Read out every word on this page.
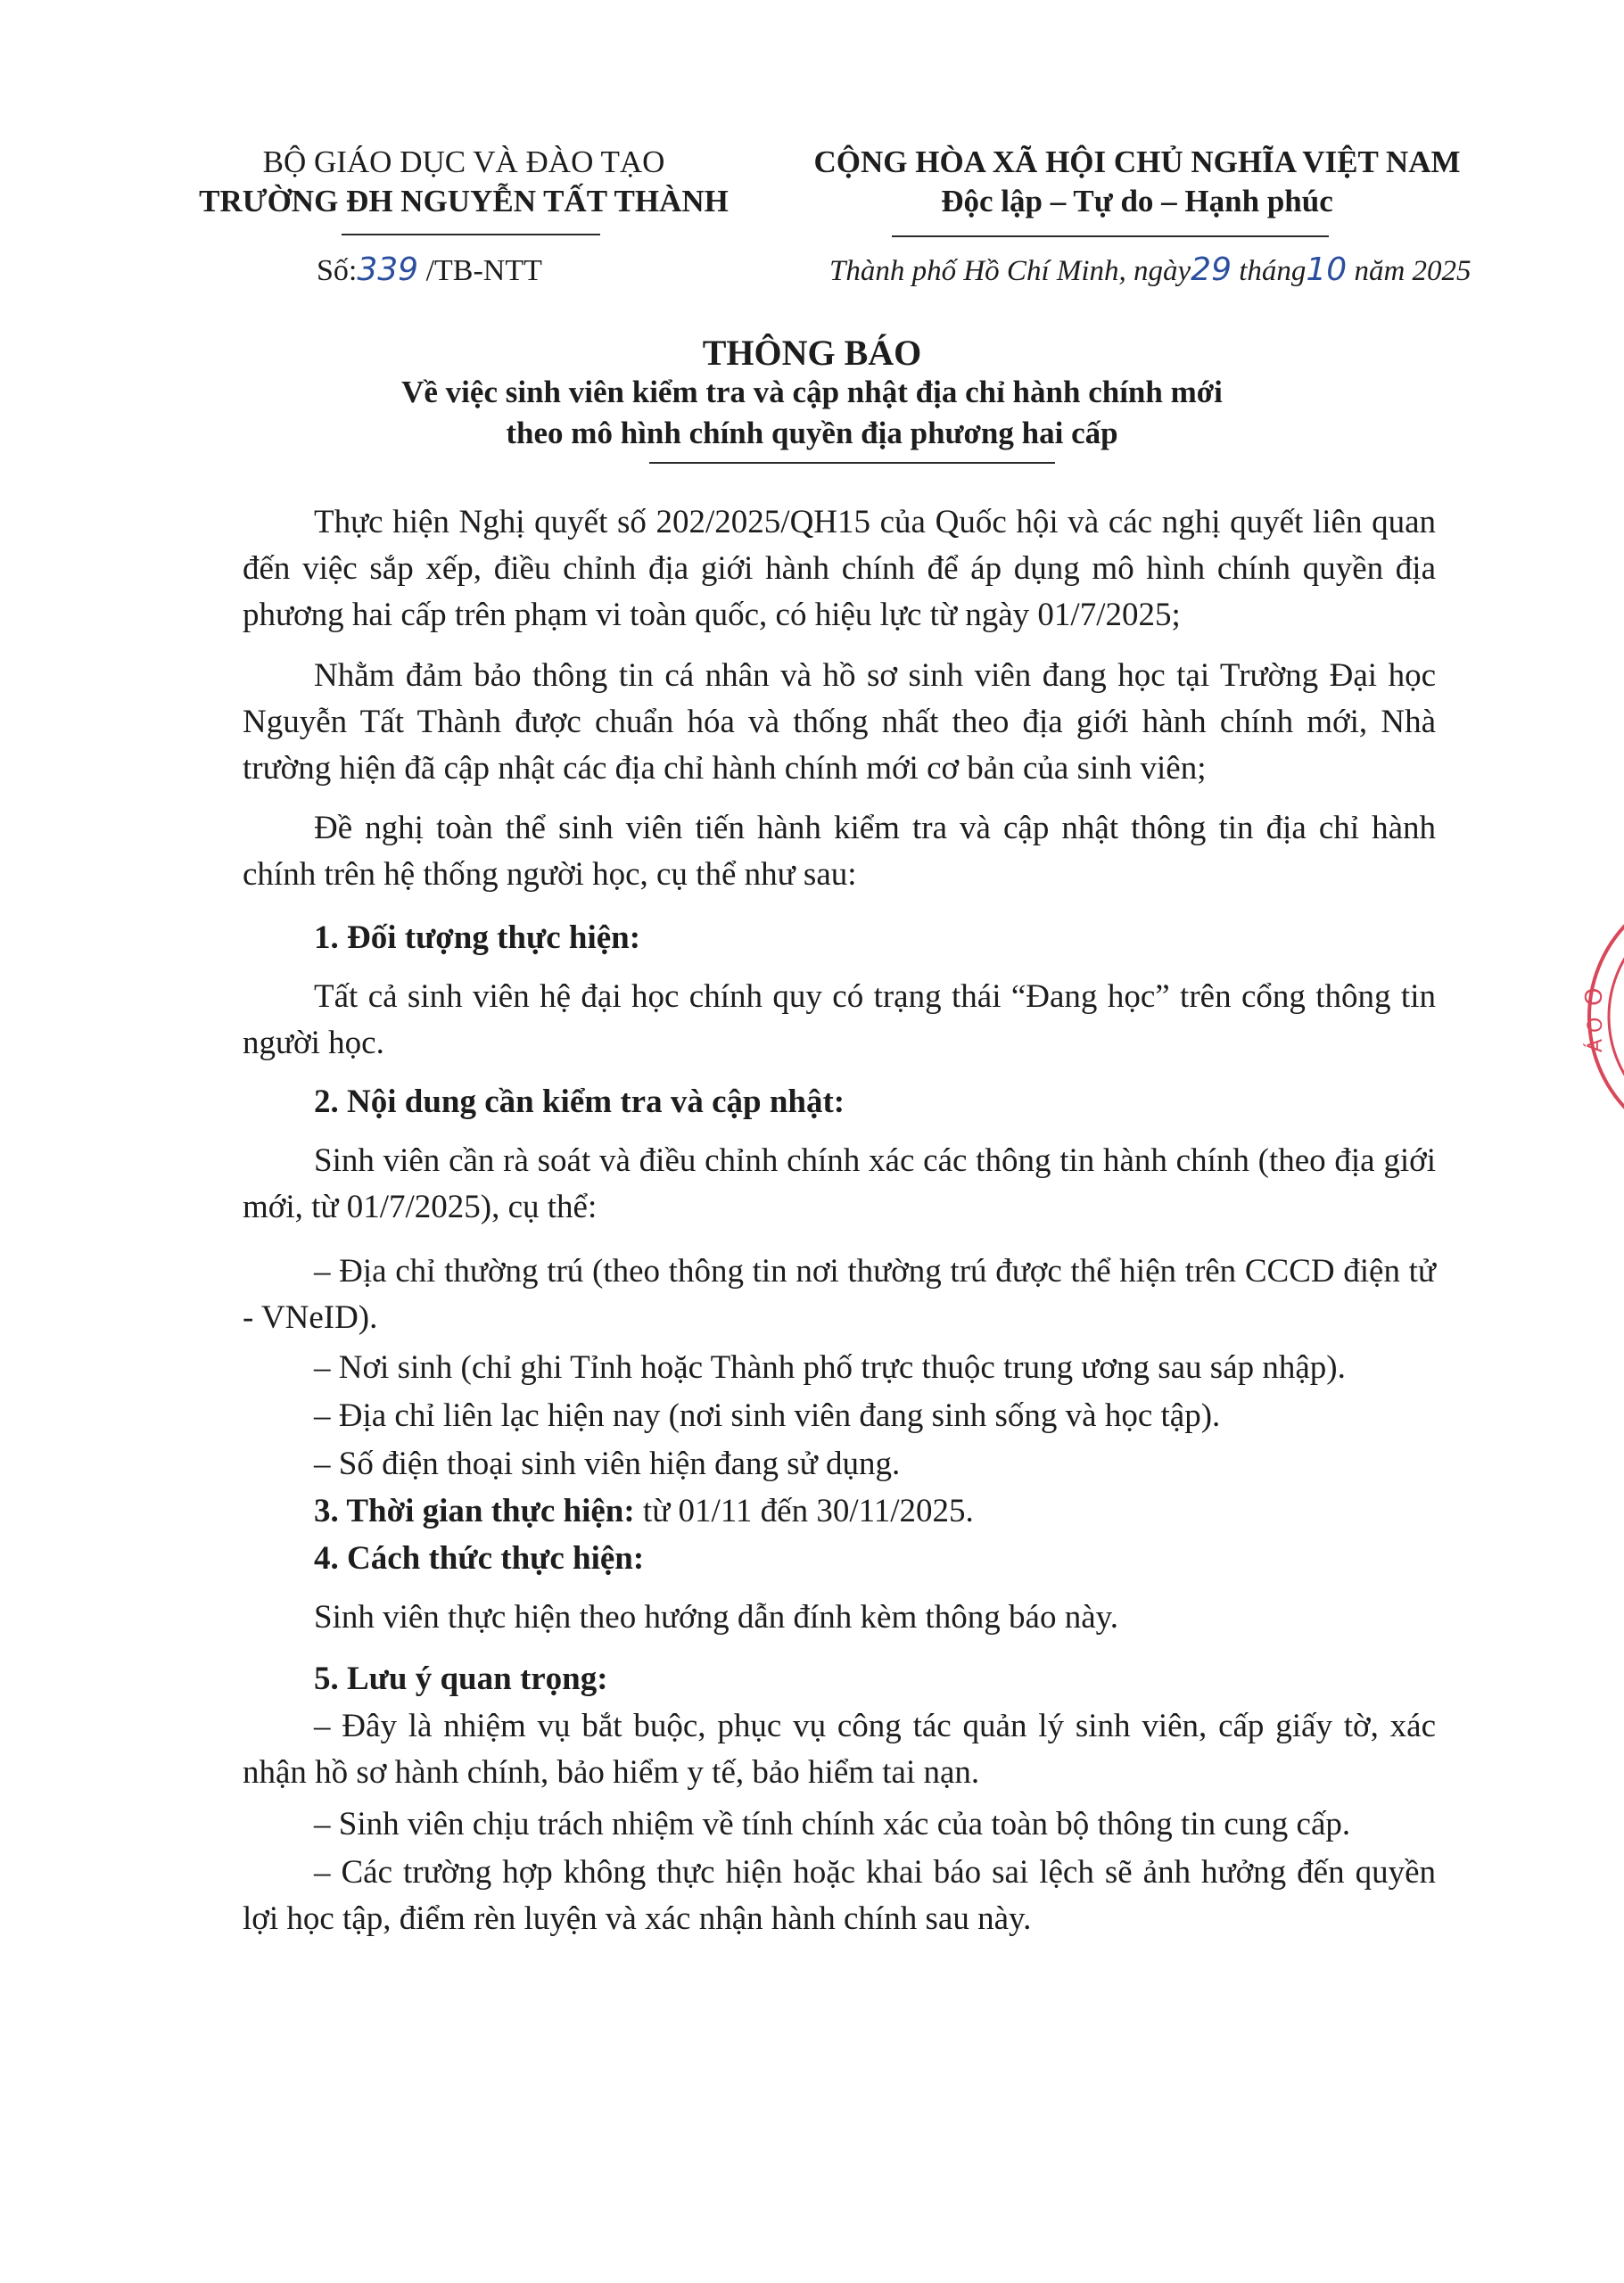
BỘ GIÁO DỤC VÀ ĐÀO TẠO
TRƯỜNG ĐH NGUYỄN TẤT THÀNH
CỘNG HÒA XÃ HỘI CHỦ NGHĨA VIỆT NAM
Độc lập – Tự do – Hạnh phúc
Số:339 /TB-NTT	Thành phố Hồ Chí Minh, ngày29 tháng10 năm 2025
THÔNG BÁO
Về việc sinh viên kiểm tra và cập nhật địa chỉ hành chính mới
theo mô hình chính quyền địa phương hai cấp

Thực hiện Nghị quyết số 202/2025/QH15 của Quốc hội và các nghị quyết liên quan đến việc sắp xếp, điều chỉnh địa giới hành chính để áp dụng mô hình chính quyền địa phương hai cấp trên phạm vi toàn quốc, có hiệu lực từ ngày 01/7/2025;

Nhằm đảm bảo thông tin cá nhân và hồ sơ sinh viên đang học tại Trường Đại học Nguyễn Tất Thành được chuẩn hóa và thống nhất theo địa giới hành chính mới, Nhà trường hiện đã cập nhật các địa chỉ hành chính mới cơ bản của sinh viên;

Đề nghị toàn thể sinh viên tiến hành kiểm tra và cập nhật thông tin địa chỉ hành chính trên hệ thống người học, cụ thể như sau:

1. Đối tượng thực hiện:

Tất cả sinh viên hệ đại học chính quy có trạng thái “Đang học” trên cổng thông tin người học.

2. Nội dung cần kiểm tra và cập nhật:

Sinh viên cần rà soát và điều chỉnh chính xác các thông tin hành chính (theo địa giới mới, từ 01/7/2025), cụ thể:

– Địa chỉ thường trú (theo thông tin nơi thường trú được thể hiện trên CCCD điện tử - VNeID).

– Nơi sinh (chỉ ghi Tỉnh hoặc Thành phố trực thuộc trung ương sau sáp nhập).

– Địa chỉ liên lạc hiện nay (nơi sinh viên đang sinh sống và học tập).

– Số điện thoại sinh viên hiện đang sử dụng.

3. Thời gian thực hiện: từ 01/11 đến 30/11/2025.

4. Cách thức thực hiện:

Sinh viên thực hiện theo hướng dẫn đính kèm thông báo này.

5. Lưu ý quan trọng:

– Đây là nhiệm vụ bắt buộc, phục vụ công tác quản lý sinh viên, cấp giấy tờ, xác nhận hồ sơ hành chính, bảo hiểm y tế, bảo hiểm tai nạn.

– Sinh viên chịu trách nhiệm về tính chính xác của toàn bộ thông tin cung cấp.

– Các trường hợp không thực hiện hoặc khai báo sai lệch sẽ ảnh hưởng đến quyền lợi học tập, điểm rèn luyện và xác nhận hành chính sau này.

O
Á O
